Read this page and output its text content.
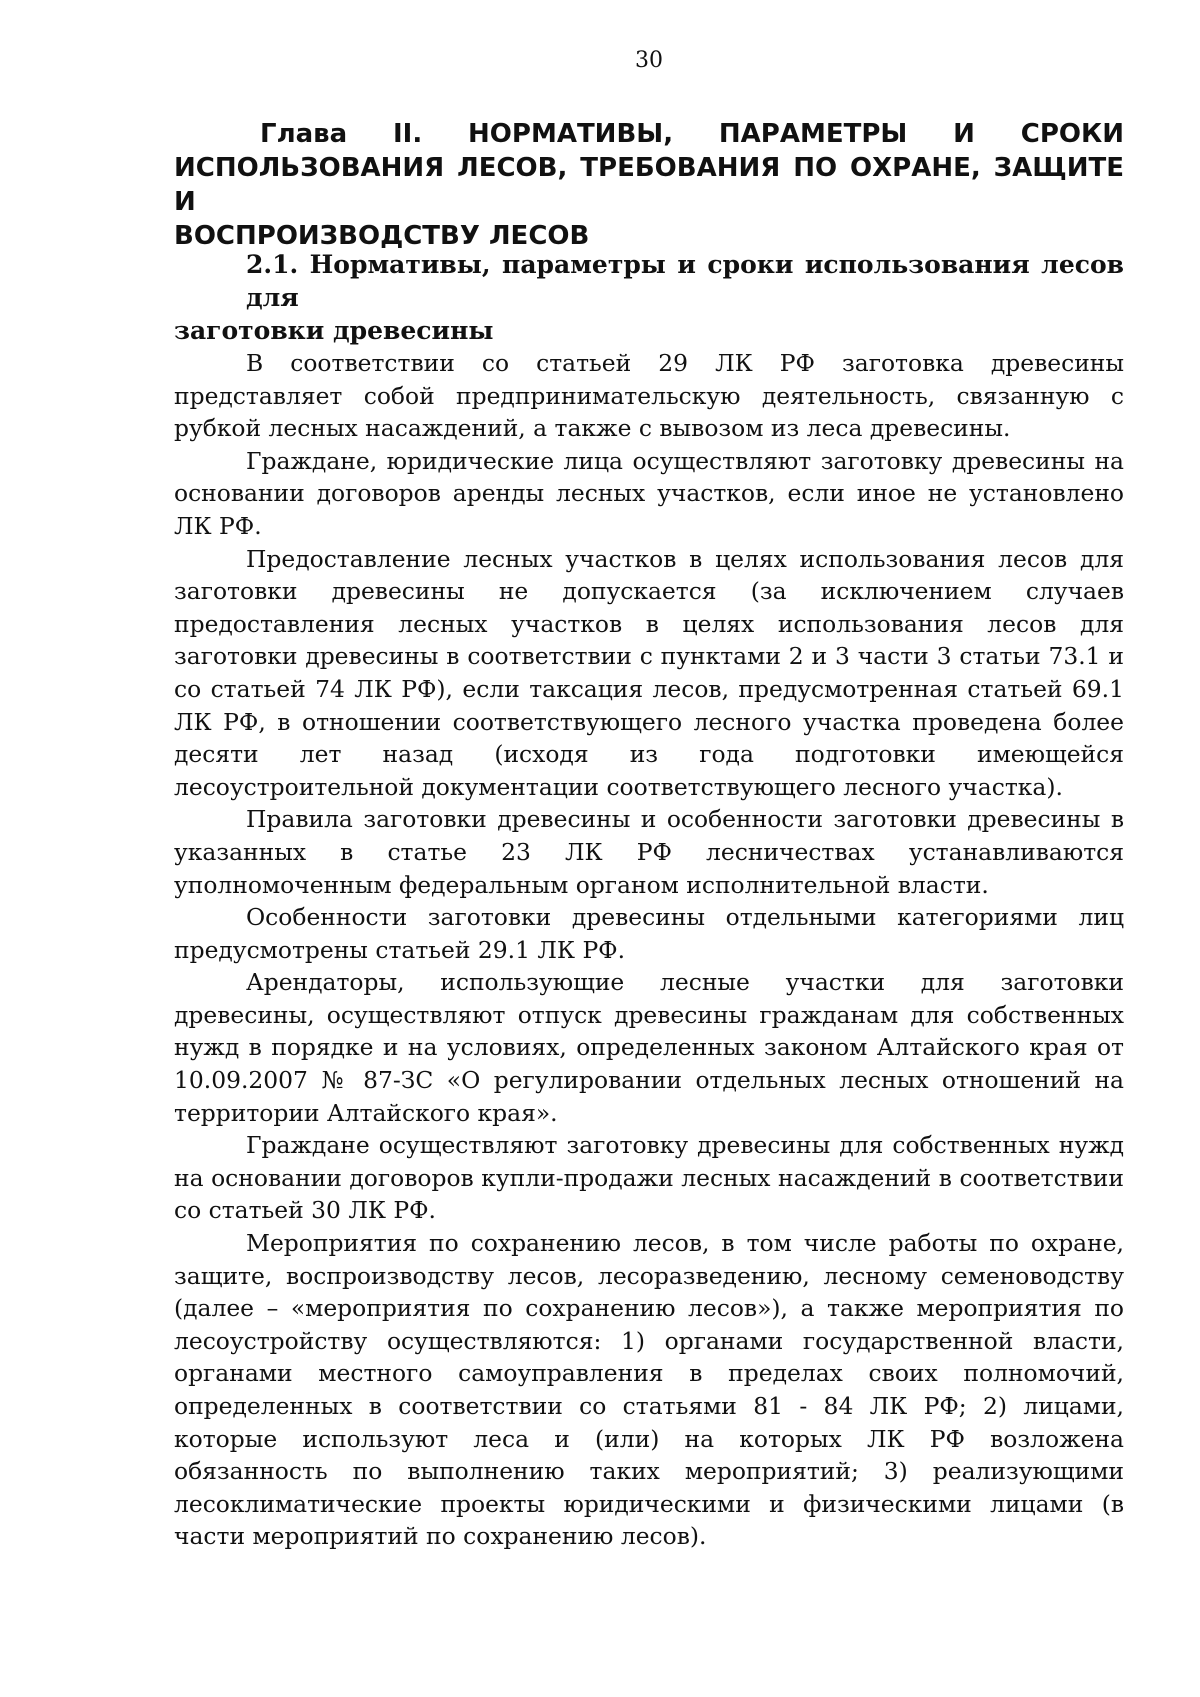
30
Глава II. НОРМАТИВЫ, ПАРАМЕТРЫ И СРОКИ
ИСПОЛЬЗОВАНИЯ ЛЕСОВ, ТРЕБОВАНИЯ ПО ОХРАНЕ, ЗАЩИТЕ И
ВОСПРОИЗВОДСТВУ ЛЕСОВ
2.1. Нормативы, параметры и сроки использования лесов для
заготовки древесины

В соответствии со статьей 29 ЛК РФ заготовка древесины представляет собой предпринимательскую деятельность, связанную с рубкой лесных насаждений, а также с вывозом из леса древесины.

Граждане, юридические лица осуществляют заготовку древесины на основании договоров аренды лесных участков, если иное не установлено ЛК РФ.

Предоставление лесных участков в целях использования лесов для заготовки древесины не допускается (за исключением случаев предоставления лесных участков в целях использования лесов для заготовки древесины в соответствии с пунктами 2 и 3 части 3 статьи 73.1 и со статьей 74 ЛК РФ), если таксация лесов, предусмотренная статьей 69.1 ЛК РФ, в отношении соответствующего лесного участка проведена более десяти лет назад (исходя из года подготовки имеющейся лесоустроительной документации соответствующего лесного участка).

Правила заготовки древесины и особенности заготовки древесины в указанных в статье 23 ЛК РФ лесничествах устанавливаются уполномоченным федеральным органом исполнительной власти.

Особенности заготовки древесины отдельными категориями лиц предусмотрены статьей 29.1 ЛК РФ.

Арендаторы, использующие лесные участки для заготовки древесины, осуществляют отпуск древесины гражданам для собственных нужд в порядке и на условиях, определенных законом Алтайского края от 10.09.2007 № 87-ЗС «О регулировании отдельных лесных отношений на территории Алтайского края».

Граждане осуществляют заготовку древесины для собственных нужд на основании договоров купли-продажи лесных насаждений в соответствии со статьей 30 ЛК РФ.

Мероприятия по сохранению лесов, в том числе работы по охране, защите, воспроизводству лесов, лесоразведению, лесному семеноводству (далее – «мероприятия по сохранению лесов»), а также мероприятия по лесоустройству осуществляются: 1) органами государственной власти, органами местного самоуправления в пределах своих полномочий, определенных в соответствии со статьями 81 - 84 ЛК РФ; 2) лицами, которые используют леса и (или) на которых ЛК РФ возложена обязанность по выполнению таких мероприятий; 3) реализующими лесоклиматические проекты юридическими и физическими лицами (в части мероприятий по сохранению лесов).
